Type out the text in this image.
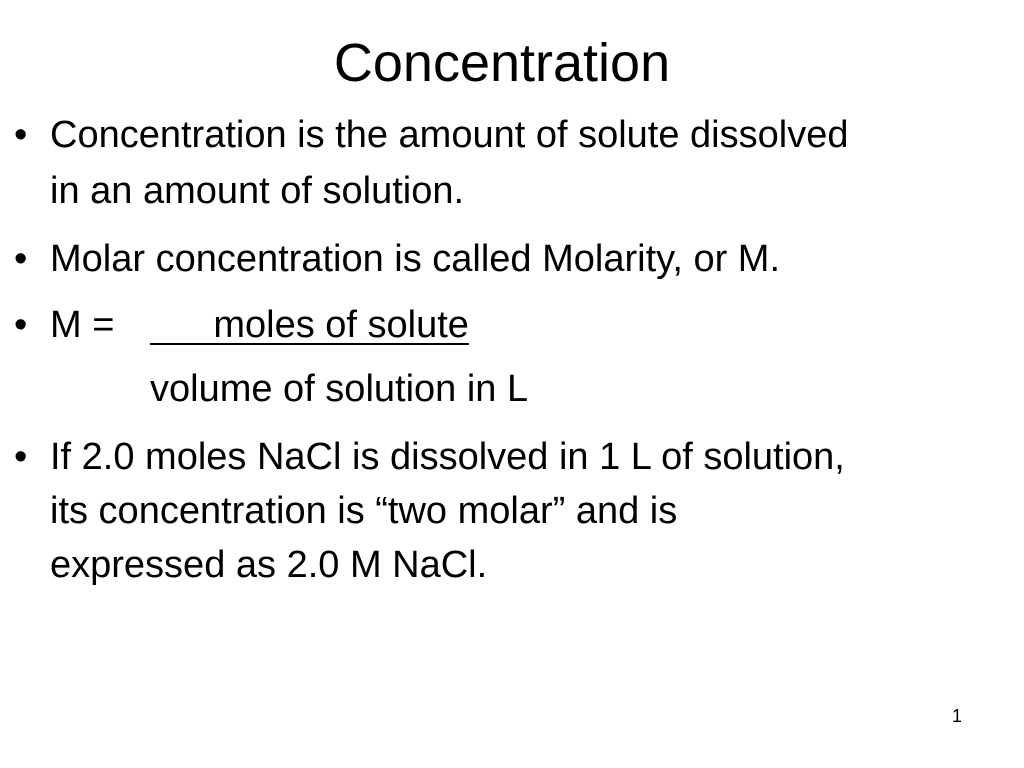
Concentration
• Concentration is the amount of solute dissolved
in an amount of solution.
• Molar concentration is called Molarity, or M.
• M = moles of solute
volume of solution in L
• If 2.0 moles NaCl is dissolved in 1 L of solution,
its concentration is “two molar” and is
expressed as 2.0 M NaCl.
1
